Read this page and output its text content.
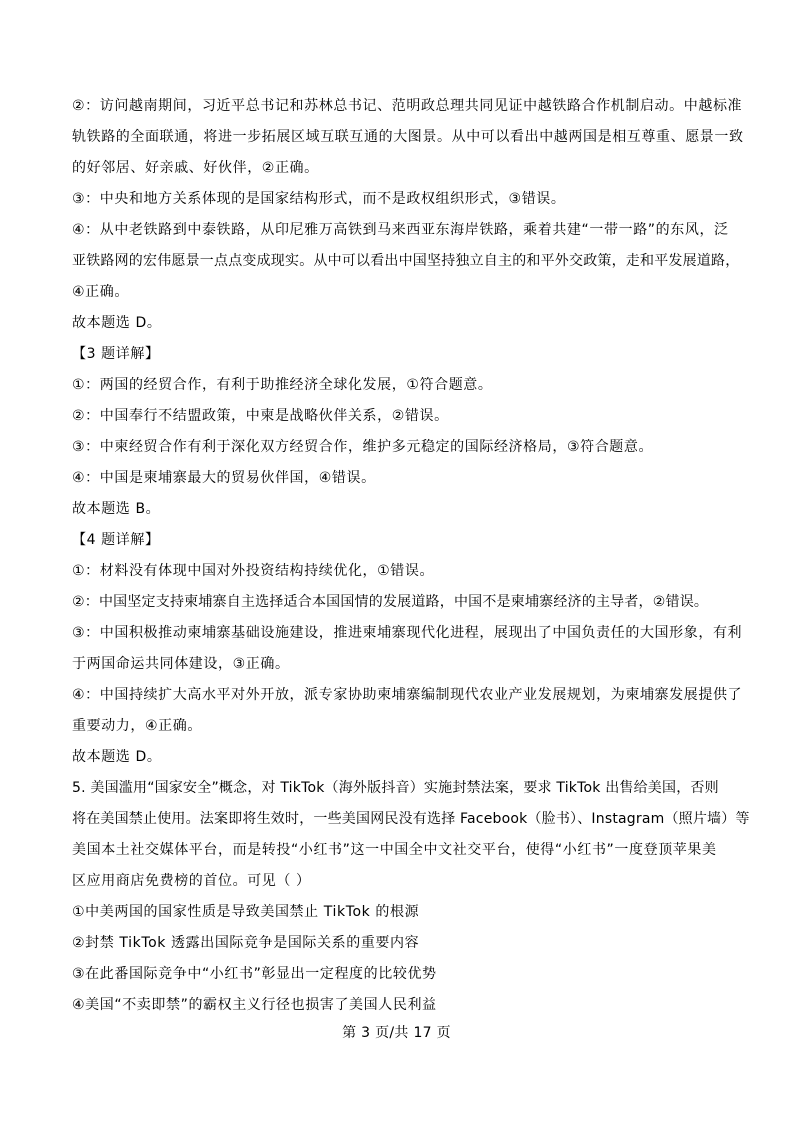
②：访问越南期间，习近平总书记和苏林总书记、范明政总理共同见证中越铁路合作机制启动。中越标准
轨铁路的全面联通，将进一步拓展区域互联互通的大图景。从中可以看出中越两国是相互尊重、愿景一致
的好邻居、好亲戚、好伙伴，②正确。
③：中央和地方关系体现的是国家结构形式，而不是政权组织形式，③错误。
④：从中老铁路到中泰铁路，从印尼雅万高铁到马来西亚东海岸铁路，乘着共建“一带一路”的东风，泛
亚铁路网的宏伟愿景一点点变成现实。从中可以看出中国坚持独立自主的和平外交政策，走和平发展道路，
④正确。
故本题选 D。
【3 题详解】
①：两国的经贸合作，有利于助推经济全球化发展，①符合题意。
②：中国奉行不结盟政策，中柬是战略伙伴关系，②错误。
③：中柬经贸合作有利于深化双方经贸合作，维护多元稳定的国际经济格局，③符合题意。
④：中国是柬埔寨最大的贸易伙伴国，④错误。
故本题选 B。
【4 题详解】
①：材料没有体现中国对外投资结构持续优化，①错误。
②：中国坚定支持柬埔寨自主选择适合本国国情的发展道路，中国不是柬埔寨经济的主导者，②错误。
③：中国积极推动柬埔寨基础设施建设，推进柬埔寨现代化进程，展现出了中国负责任的大国形象，有利
于两国命运共同体建设，③正确。
④：中国持续扩大高水平对外开放，派专家协助柬埔寨编制现代农业产业发展规划，为柬埔寨发展提供了
重要动力，④正确。
故本题选 D。
5. 美国滥用“国家安全”概念，对 TikTok（海外版抖音）实施封禁法案，要求 TikTok 出售给美国，否则
将在美国禁止使用。法案即将生效时，一些美国网民没有选择 Facebook（脸书）、Instagram（照片墙）等
美国本土社交媒体平台，而是转投“小红书”这一中国全中文社交平台，使得“小红书”一度登顶苹果美
区应用商店免费榜的首位。可见（ ）
①中美两国的国家性质是导致美国禁止 TikTok 的根源
②封禁 TikTok 透露出国际竞争是国际关系的重要内容
③在此番国际竞争中“小红书”彰显出一定程度的比较优势
④美国“不卖即禁”的霸权主义行径也损害了美国人民利益
第 3 页/共 17 页
